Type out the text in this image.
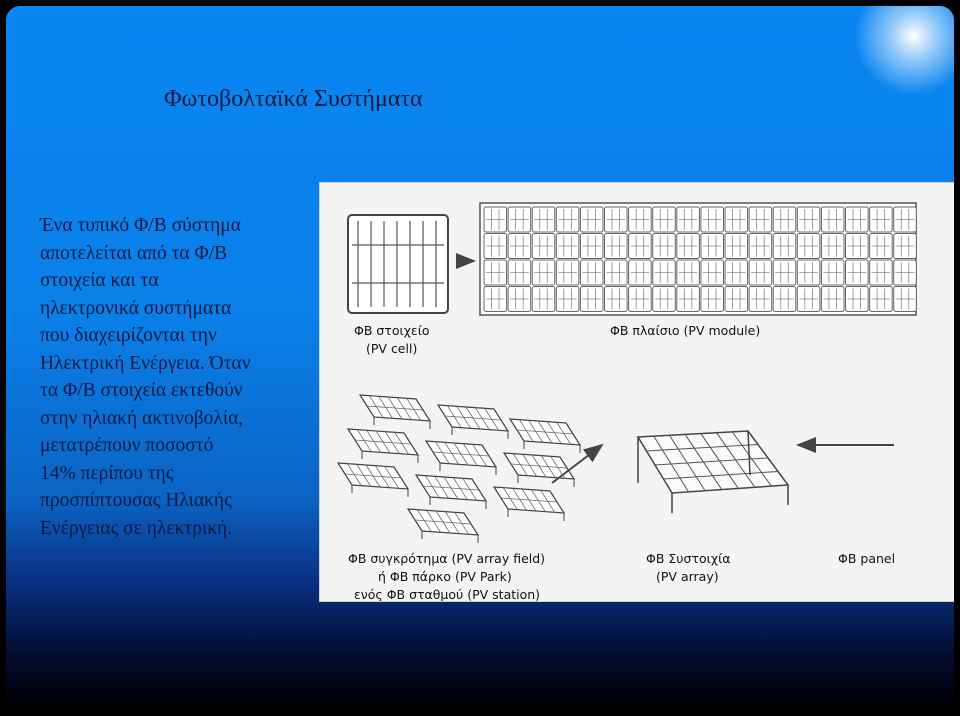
Φωτοβολταϊκά Συστήματα
Ένα τυπικό Φ/Β σύστημα
αποτελείται από τα Φ/Β
στοιχεία και τα
ηλεκτρονικά συστήματα
που διαχειρίζονται την
Ηλεκτρική Ενέργεια. Όταν
τα Φ/Β στοιχεία εκτεθούν
στην ηλιακή ακτινοβολία,
μετατρέπουν ποσοστό
14% περίπου της
προσπίπτουσας Ηλιακής
Ενέργειας σε ηλεκτρική.
ΦΒ στοιχείο
(PV cell)
ΦΒ πλαίσιο (PV module)
ΦΒ συγκρότημα (PV array field)
ή ΦΒ πάρκο (PV Park)
ενός ΦΒ σταθμού (PV station)
ΦΒ Συστοιχία
(PV array)
ΦΒ panel
